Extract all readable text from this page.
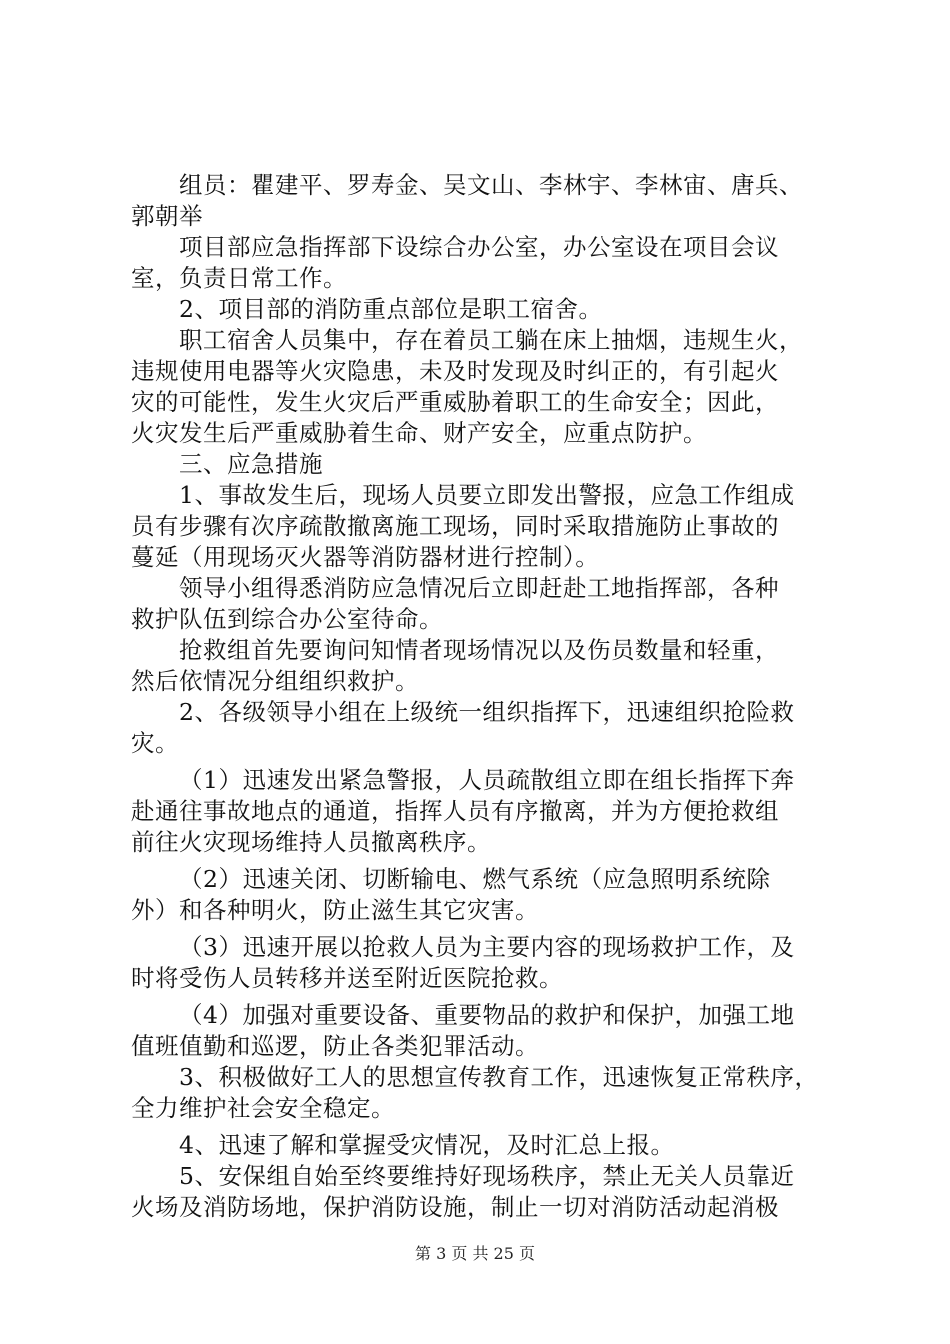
组员：瞿建平、罗寿金、吴文山、李林宇、李林宙、唐兵、
郭朝举
项目部应急指挥部下设综合办公室，办公室设在项目会议
室，负责日常工作。
2、项目部的消防重点部位是职工宿舍。
职工宿舍人员集中，存在着员工躺在床上抽烟，违规生火，
违规使用电器等火灾隐患，未及时发现及时纠正的，有引起火
灾的可能性，发生火灾后严重威胁着职工的生命安全；因此，
火灾发生后严重威胁着生命、财产安全，应重点防护。
三、应急措施
1、事故发生后，现场人员要立即发出警报，应急工作组成
员有步骤有次序疏散撤离施工现场，同时采取措施防止事故的
蔓延（用现场灭火器等消防器材进行控制）。
领导小组得悉消防应急情况后立即赶赴工地指挥部，各种
救护队伍到综合办公室待命。
抢救组首先要询问知情者现场情况以及伤员数量和轻重，
然后依情况分组组织救护。
2、各级领导小组在上级统一组织指挥下，迅速组织抢险救
灾。
（1）迅速发出紧急警报，人员疏散组立即在组长指挥下奔
赴通往事故地点的通道，指挥人员有序撤离，并为方便抢救组
前往火灾现场维持人员撤离秩序。
（2）迅速关闭、切断输电、燃气系统（应急照明系统除
外）和各种明火，防止滋生其它灾害。
（3）迅速开展以抢救人员为主要内容的现场救护工作，及
时将受伤人员转移并送至附近医院抢救。
（4）加强对重要设备、重要物品的救护和保护，加强工地
值班值勤和巡逻，防止各类犯罪活动。
3、积极做好工人的思想宣传教育工作，迅速恢复正常秩序，
全力维护社会安全稳定。
4、迅速了解和掌握受灾情况，及时汇总上报。
5、安保组自始至终要维持好现场秩序，禁止无关人员靠近
火场及消防场地，保护消防设施，制止一切对消防活动起消极
第 3 页 共 25 页
